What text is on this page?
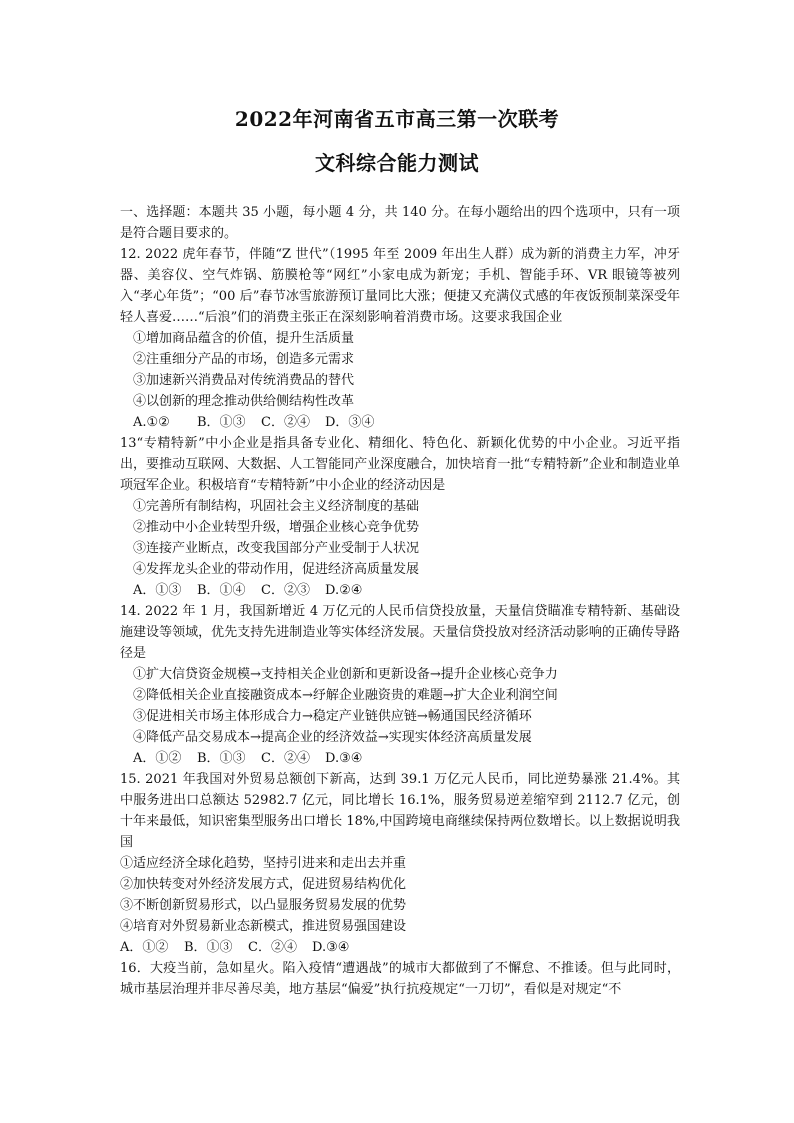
2022年河南省五市高三第一次联考
文科综合能力测试

一、选择题：本题共 35 小题，每小题 4 分，共 140 分。在每小题给出的四个选项中，只有一项是符合题目要求的。

12. 2022 虎年春节，伴随“Z 世代”（1995 年至 2009 年出生人群）成为新的消费主力军，冲牙器、美容仪、空气炸锅、筋膜枪等“网红”小家电成为新宠；手机、智能手环、VR 眼镜等被列入“孝心年货”；“00 后”春节冰雪旅游预订量同比大涨；便捷又充满仪式感的年夜饭预制菜深受年轻人喜爱……“后浪”们的消费主张正在深刻影响着消费市场。这要求我国企业

①增加商品蕴含的价值，提升生活质量

②注重细分产品的市场，创造多元需求

③加速新兴消费品对传统消费品的替代

④以创新的理念推动供给侧结构性改革

A.①② B．①③ C．②④ D．③④

13“专精特新”中小企业是指具备专业化、精细化、特色化、新颖化优势的中小企业。习近平指出，要推动互联网、大数据、人工智能同产业深度融合，加快培育一批“专精特新”企业和制造业单项冠军企业。积极培育“专精特新”中小企业的经济动因是

①完善所有制结构，巩固社会主义经济制度的基础

②推动中小企业转型升级，增强企业核心竞争优势

③连接产业断点，改变我国部分产业受制于人状况

④发挥龙头企业的带动作用，促进经济高质量发展

A．①③ B．①④ C．②③ D.②④

14. 2022 年 1 月，我国新增近 4 万亿元的人民币信贷投放量，天量信贷瞄准专精特新、基础设施建设等领域，优先支持先进制造业等实体经济发展。天量信贷投放对经济活动影响的正确传导路径是

①扩大信贷资金规模→支持相关企业创新和更新设备→提升企业核心竞争力

②降低相关企业直接融资成本→纾解企业融资贵的难题→扩大企业利润空间

③促进相关市场主体形成合力→稳定产业链供应链→畅通国民经济循环

④降低产品交易成本→提高企业的经济效益→实现实体经济高质量发展

A．①② B．①③ C．②④ D.③④

15. 2021 年我国对外贸易总额创下新高，达到 39.1 万亿元人民币，同比逆势暴涨 21.4%。其中服务进出口总额达 52982.7 亿元，同比增长 16.1%，服务贸易逆差缩窄到 2112.7 亿元，创十年来最低，知识密集型服务出口增长 18%,中国跨境电商继续保持两位数增长。以上数据说明我国

①适应经济全球化趋势，坚持引进来和走出去并重

②加快转变对外经济发展方式，促进贸易结构优化

③不断创新贸易形式，以凸显服务贸易发展的优势

④培育对外贸易新业态新模式，推进贸易强国建设

A．①② B．①③ C．②④ D.③④

16．大疫当前，急如星火。陷入疫情“遭遇战”的城市大都做到了不懈怠、不推诿。但与此同时，城市基层治理并非尽善尽美，地方基层“偏爱”执行抗疫规定“一刀切”，看似是对规定“不
